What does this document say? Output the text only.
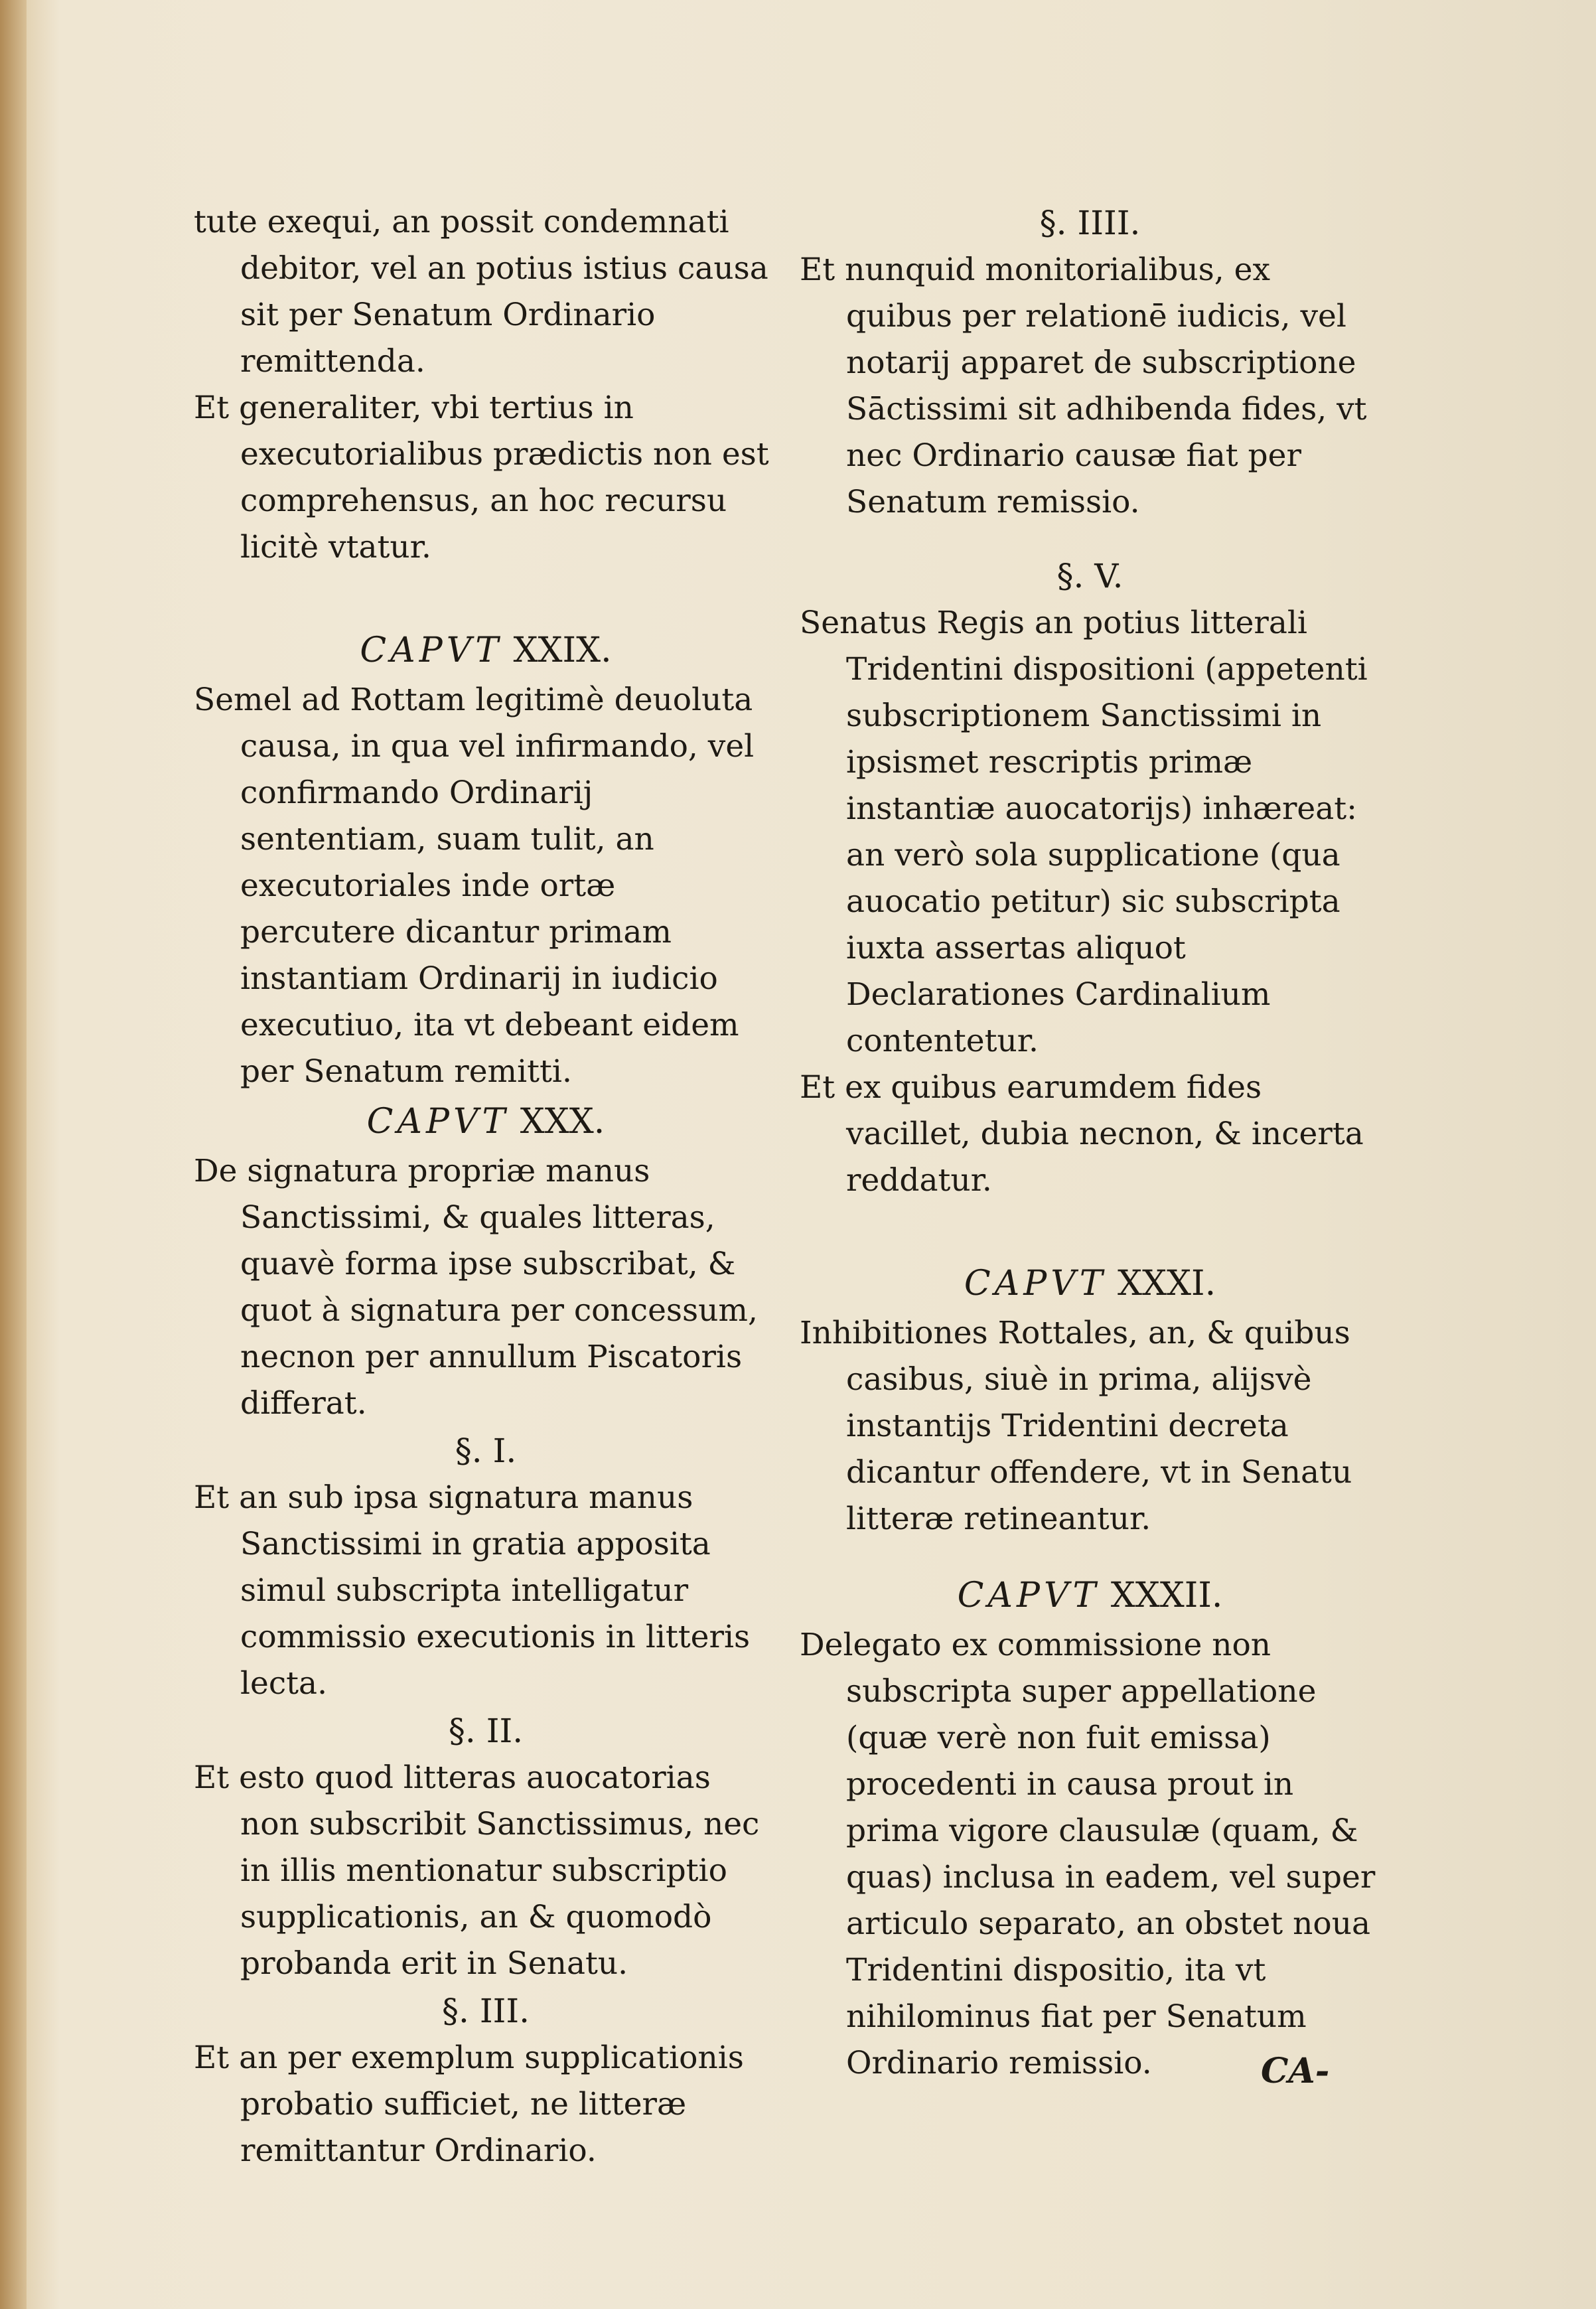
tute exequi, an possit condemnati debitor, vel an potius istius causa sit per Senatum Ordinario remittenda.

Et generaliter, vbi tertius in executorialibus prædictis non est comprehensus, an hoc recursu licitè vtatur.

CAPVT XXIX.

Semel ad Rottam legitimè deuoluta causa, in qua vel infirmando, vel confirmando Ordinarij sententiam, suam tulit, an executoriales inde ortæ percutere dicantur primam instantiam Ordinarij in iudicio executiuo, ita vt debeant eidem per Senatum remitti.

CAPVT XXX.

De signatura propriæ manus Sanctissimi, & quales litteras, quavè forma ipse subscribat, & quot à signatura per concessum, necnon per annullum Piscatoris differat.

§. I.

Et an sub ipsa signatura manus Sanctissimi in gratia apposita simul subscripta intelligatur commissio executionis in litteris lecta.

§. II.

Et esto quod litteras auocatorias non subscribit Sanctissimus, nec in illis mentionatur subscriptio supplicationis, an & quomodò probanda erit in Senatu.

§. III.

Et an per exemplum supplicationis probatio sufficiet, ne litteræ remittantur Ordinario.

§. IIII.

Et nunquid monitorialibus, ex quibus per relationē iudicis, vel notarij apparet de subscriptione Sāctissimi sit adhibenda fides, vt nec Ordinario causæ fiat per Senatum remissio.

§. V.

Senatus Regis an potius litterali Tridentini dispositioni (appetenti subscriptionem Sanctissimi in ipsismet rescriptis primæ instantiæ auocatorijs) inhæreat: an verò sola supplicatione (qua auocatio petitur) sic subscripta iuxta assertas aliquot Declarationes Cardinalium contentetur.

Et ex quibus earumdem fides vacillet, dubia necnon, & incerta reddatur.

CAPVT XXXI.

Inhibitiones Rottales, an, & quibus casibus, siuè in prima, alijsvè instantijs Tridentini decreta dicantur offendere, vt in Senatu litteræ retineantur.

CAPVT XXXII.

Delegato ex commissione non subscripta super appellatione (quæ verè non fuit emissa) procedenti in causa prout in prima vigore clausulæ (quam, & quas) inclusa in eadem, vel super articulo separato, an obstet noua Tridentini dispositio, ita vt nihilominus fiat per Senatum Ordinario remissio.	CA-
